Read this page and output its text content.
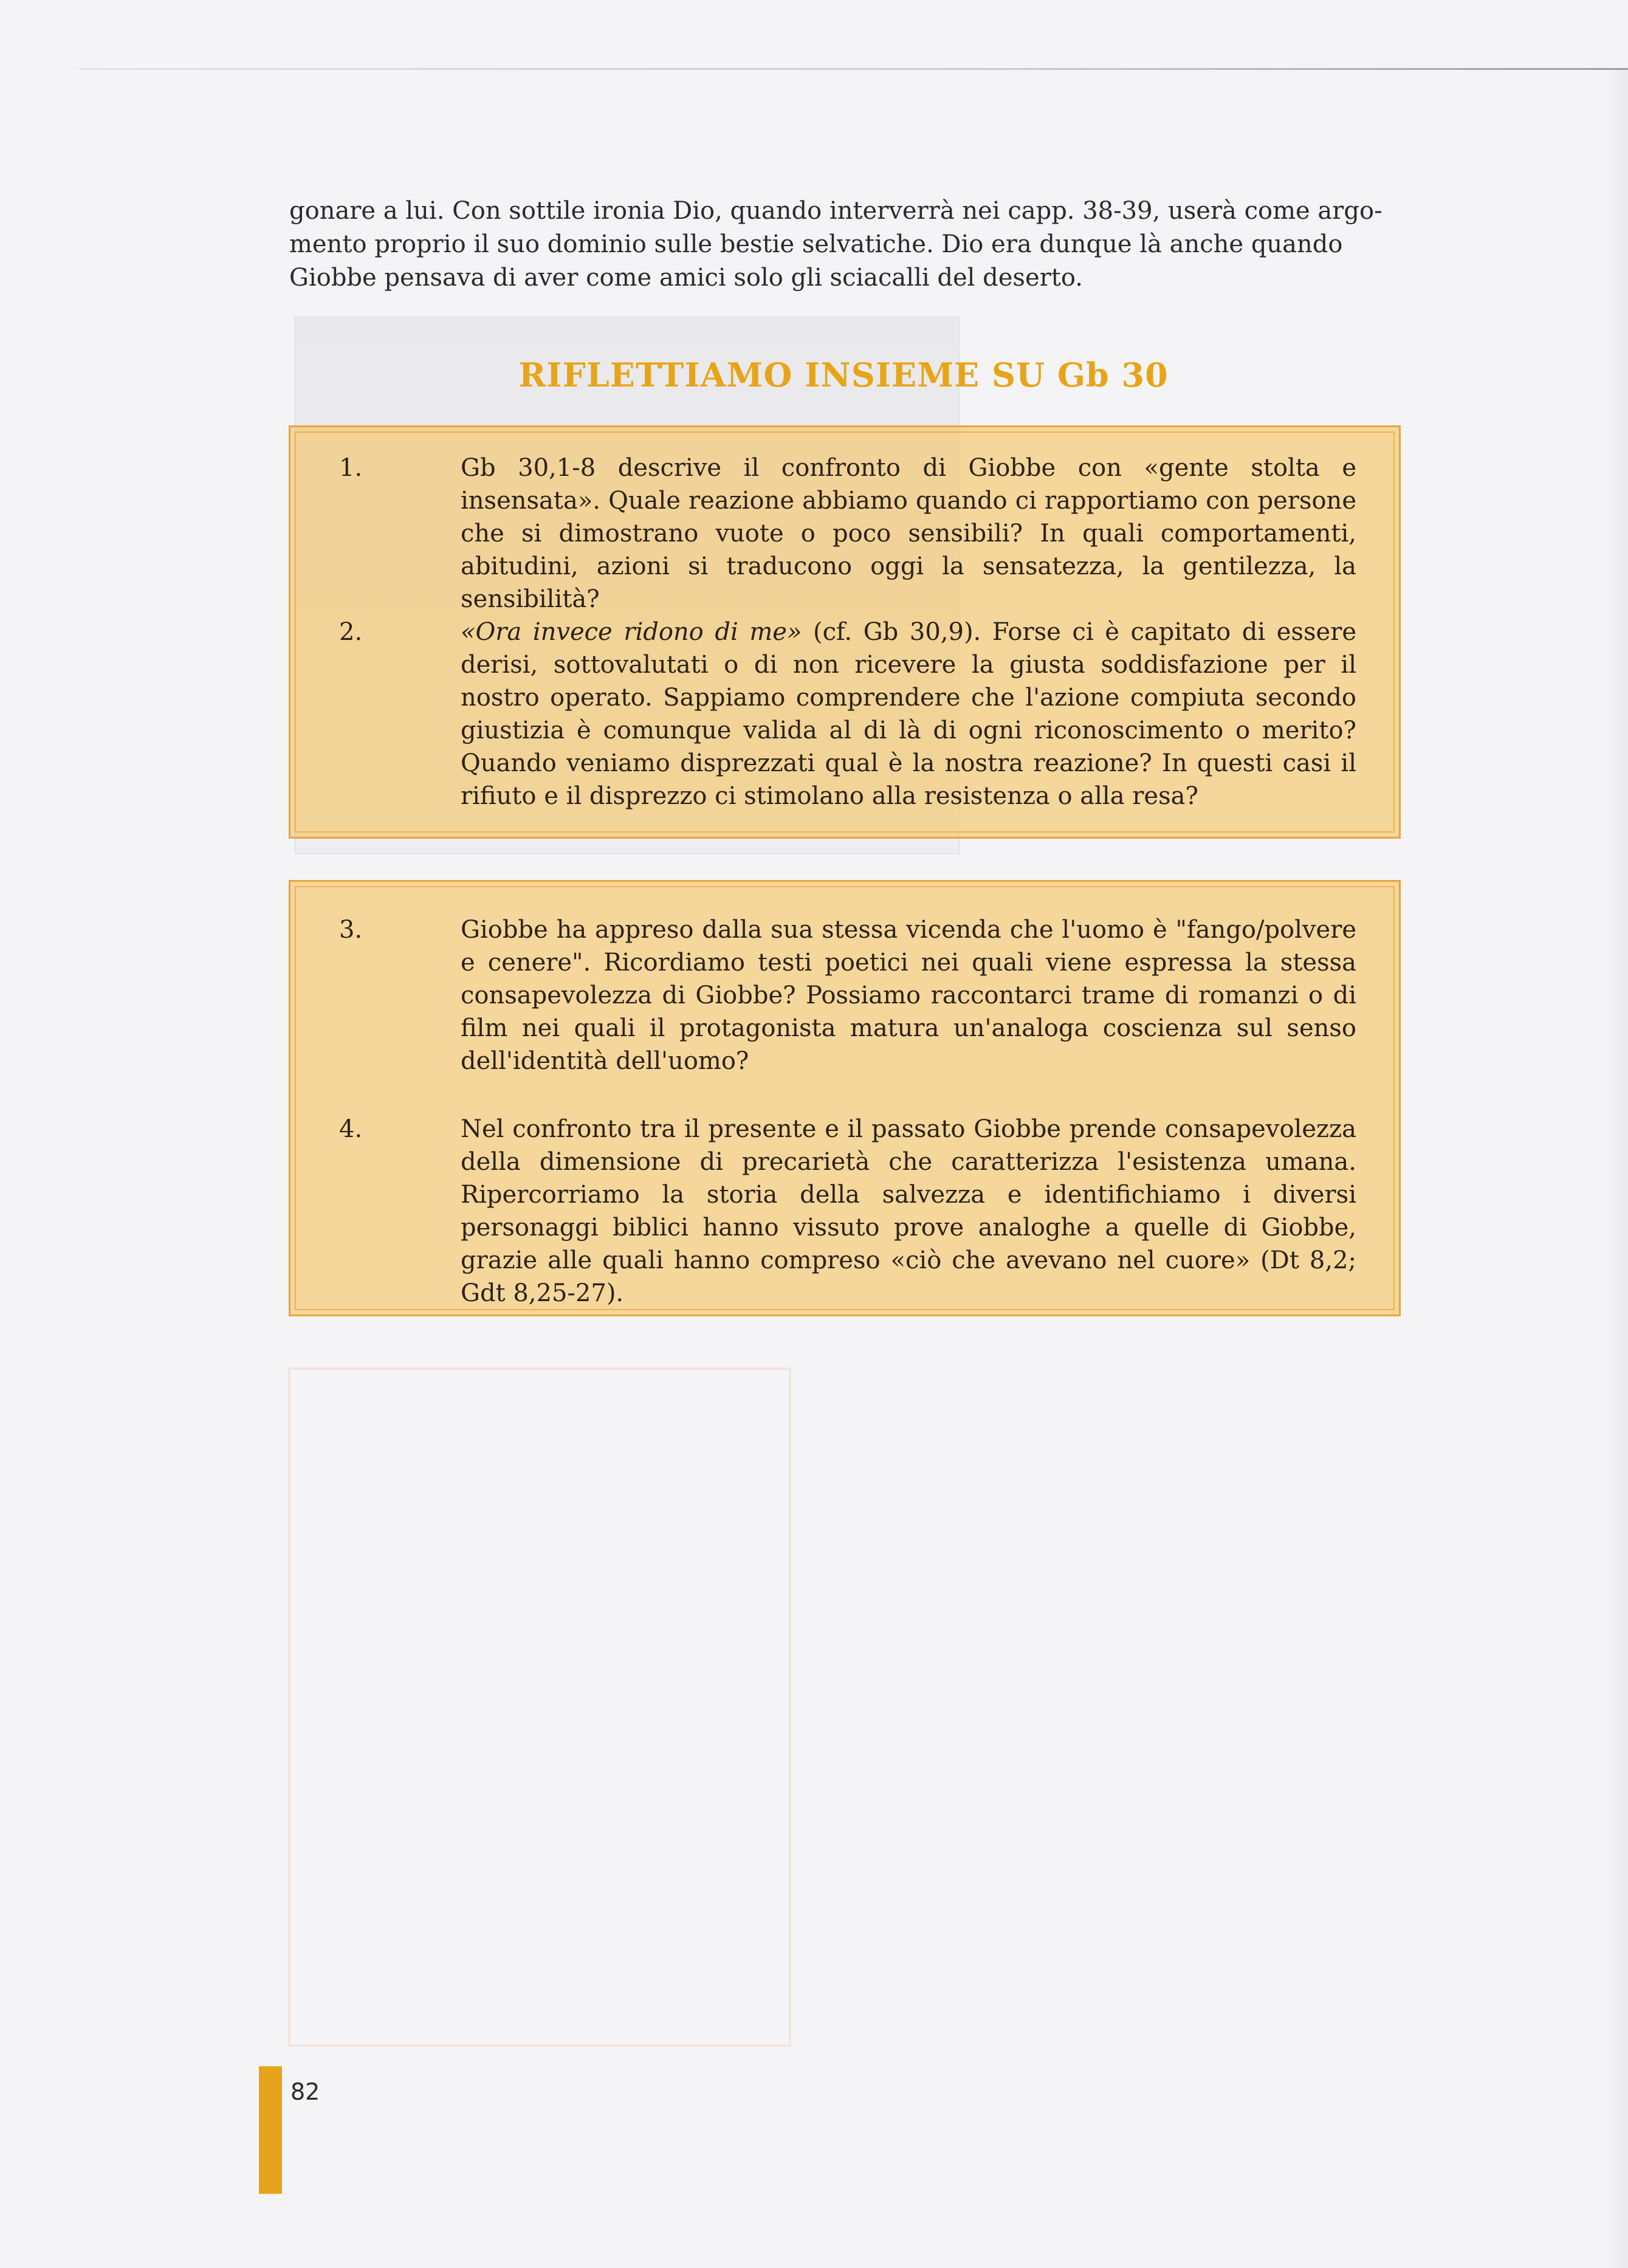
gonare a lui. Con sottile ironia Dio, quando interverrà nei capp. 38-39, userà come argo-

mento proprio il suo dominio sulle bestie selvatiche. Dio era dunque là anche quando

Giobbe pensava di aver come amici solo gli sciacalli del deserto.

RIFLETTIAMO INSIEME SU Gb 30
1.	Gb 30,1-8 descrive il confronto di Giobbe con «gente stolta e insensata». Quale reazione abbiamo quando ci rapportiamo con persone che si dimostrano vuote o poco sensibili? In quali comportamenti, abitudini, azioni si traducono oggi la sensatezza, la gentilezza, la sensibilità?
2.	«Ora invece ridono di me» (cf. Gb 30,9). Forse ci è capitato di essere derisi, sottovalutati o di non ricevere la giusta soddisfazione per il nostro operato. Sappiamo comprendere che l'azione compiuta secondo giustizia è comunque valida al di là di ogni riconoscimento o merito? Quando veniamo disprezzati qual è la nostra reazione? In questi casi il rifiuto e il disprezzo ci stimolano alla resistenza o alla resa?
3.	Giobbe ha appreso dalla sua stessa vicenda che l'uomo è "fango/polvere e cenere". Ricordiamo testi poetici nei quali viene espressa la stessa consapevolezza di Giobbe? Possiamo raccontarci trame di romanzi o di film nei quali il protagonista matura un'analoga coscienza sul senso dell'identità dell'uomo?
4.	Nel confronto tra il presente e il passato Giobbe prende consapevolezza della dimensione di precarietà che caratterizza l'esistenza umana. Ripercorriamo la storia della salvezza e identifichiamo i diversi personaggi biblici hanno vissuto prove analoghe a quelle di Giobbe, grazie alle quali hanno compreso «ciò che avevano nel cuore» (Dt 8,2; Gdt 8,25-27).
82
